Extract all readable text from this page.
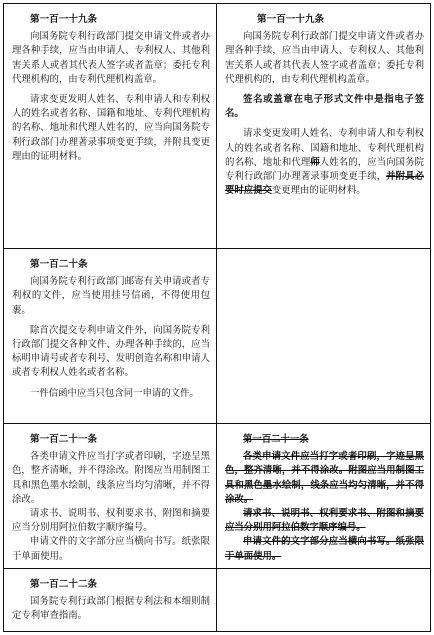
第一百一十九条
向国务院专利行政部门提交申请文件或者办理各种手续，应当由申请人、专利权人、其他利害关系人或者其代表人签字或者盖章；委托专利代理机构的，由专利代理机构盖章。
请求变更发明人姓名、专利申请人和专利权人的姓名或者名称、国籍和地址、专利代理机构的名称、地址和代理人姓名的，应当向国务院专利行政部门办理著录事项变更手续，并附具变更理由的证明材料。
第一百一十九条
向国务院专利行政部门提交申请文件或者办理各种手续，应当由申请人、专利权人、其他利害关系人或者其代表人签字或者盖章；委托专利代理机构的，由专利代理机构盖章。
签名或盖章在电子形式文件中是指电子签名。
请求变更发明人姓名、专利申请人和专利权人的姓名或者名称、国籍和地址、专利代理机构的名称、地址和代理师人姓名的，应当向国务院专利行政部门办理著录事项变更手续，并附具必要时应提交变更理由的证明材料。
第一百二十条
向国务院专利行政部门邮寄有关申请或者专利权的文件，应当使用挂号信函，不得使用包裹。
除首次提交专利申请文件外，向国务院专利行政部门提交各种文件、办理各种手续的，应当标明申请号或者专利号、发明创造名称和申请人或者专利权人姓名或者名称。
一件信函中应当只包含同一申请的文件。
第一百二十一条
各类申请文件应当打字或者印刷，字迹呈黑色，整齐清晰，并不得涂改。附图应当用制图工具和黑色墨水绘制，线条应当均匀清晰，并不得涂改。
请求书、说明书、权利要求书、附图和摘要应当分别用阿拉伯数字顺序编号。
申请文件的文字部分应当横向书写。纸张限于单面使用。
第一百二十一条
各类申请文件应当打字或者印刷，字迹呈黑色，整齐清晰，并不得涂改。附图应当用制图工具和黑色墨水绘制，线条应当均匀清晰，并不得涂改。
请求书、说明书、权利要求书、附图和摘要应当分别用阿拉伯数字顺序编号。
申请文件的文字部分应当横向书写。纸张限于单面使用。
第一百二十二条
国务院专利行政部门根据专利法和本细则制定专利审查指南。
